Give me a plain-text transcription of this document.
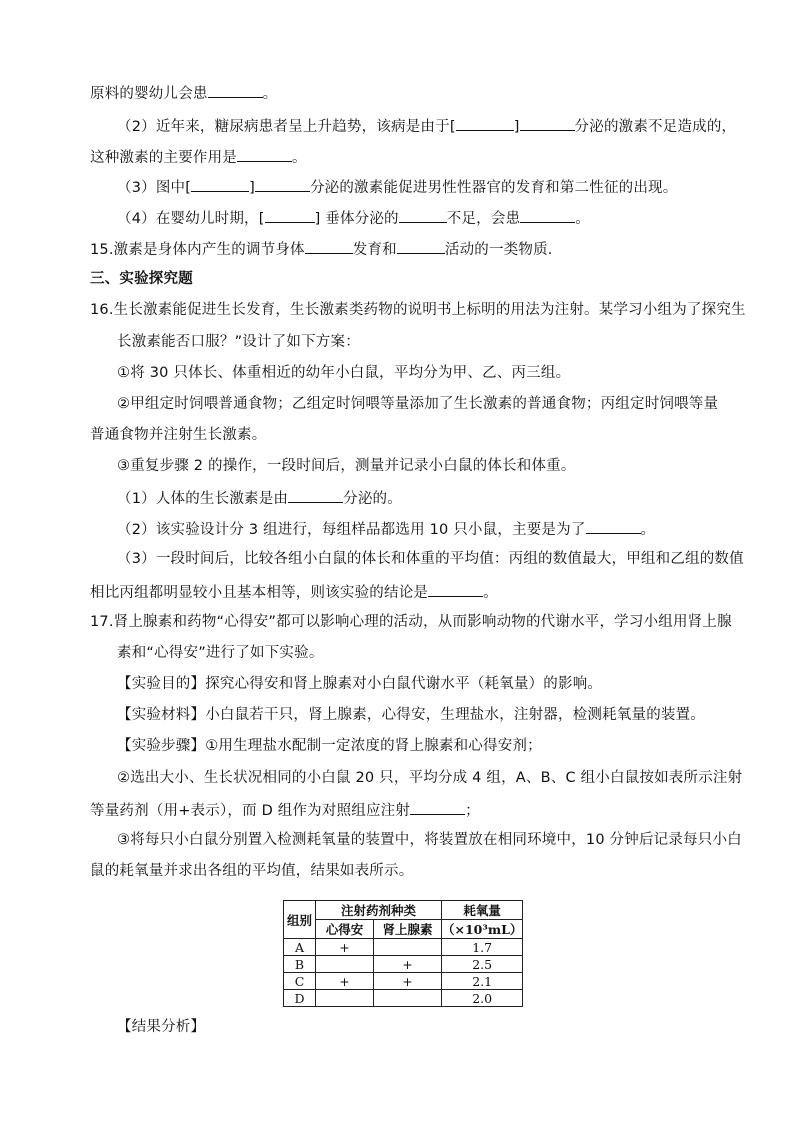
原料的婴幼儿会患	。
（2）近年来，糖尿病患者呈上升趋势，该病是由于[	]	分泌的激素不足造成的，
这种激素的主要作用是	。
（3）图中[	]	分泌的激素能促进男性性器官的发育和第二性征的出现。
（4）在婴幼儿时期，[	] 垂体分泌的	不足，会患	。
15.激素是身体内产生的调节身体	发育和	活动的一类物质．
三、实验探究题
16.生长激素能促进生长发育，生长激素类药物的说明书上标明的用法为注射。某学习小组为了探究生
长激素能否口服？”设计了如下方案：
①将 30 只体长、体重相近的幼年小白鼠，平均分为甲、乙、丙三组。
②甲组定时饲喂普通食物；乙组定时饲喂等量添加了生长激素的普通食物；丙组定时饲喂等量
普通食物并注射生长激素。
③重复步骤 2 的操作，一段时间后，测量并记录小白鼠的体长和体重。
（1）人体的生长激素是由	分泌的。
（2）该实验设计分 3 组进行，每组样品都选用 10 只小鼠，主要是为了	。
（3）一段时间后，比较各组小白鼠的体长和体重的平均值：丙组的数值最大，甲组和乙组的数值
相比丙组都明显较小且基本相等，则该实验的结论是	。
17.肾上腺素和药物“心得安”都可以影响心理的活动，从而影响动物的代谢水平，学习小组用肾上腺
素和“心得安”进行了如下实验。
【实验目的】探究心得安和肾上腺素对小白鼠代谢水平（耗氧量）的影响。
【实验材料】小白鼠若干只，肾上腺素，心得安，生理盐水，注射器，检测耗氧量的装置。
【实验步骤】①用生理盐水配制一定浓度的肾上腺素和心得安剂；
②选出大小、生长状况相同的小白鼠 20 只，平均分成 4 组，A、B、C 组小白鼠按如表所示注射
等量药剂（用+表示），而 D 组作为对照组应注射	；
③将每只小白鼠分别置入检测耗氧量的装置中，将装置放在相同环境中，10 分钟后记录每只小白
鼠的耗氧量并求出各组的平均值，结果如表所示。
组别	注射药剂种类		耗氧量
	心得安	肾上腺素	（×10³mL）
A	+		1.7
B		+	2.5
C	+	+	2.1
D			2.0
【结果分析】
